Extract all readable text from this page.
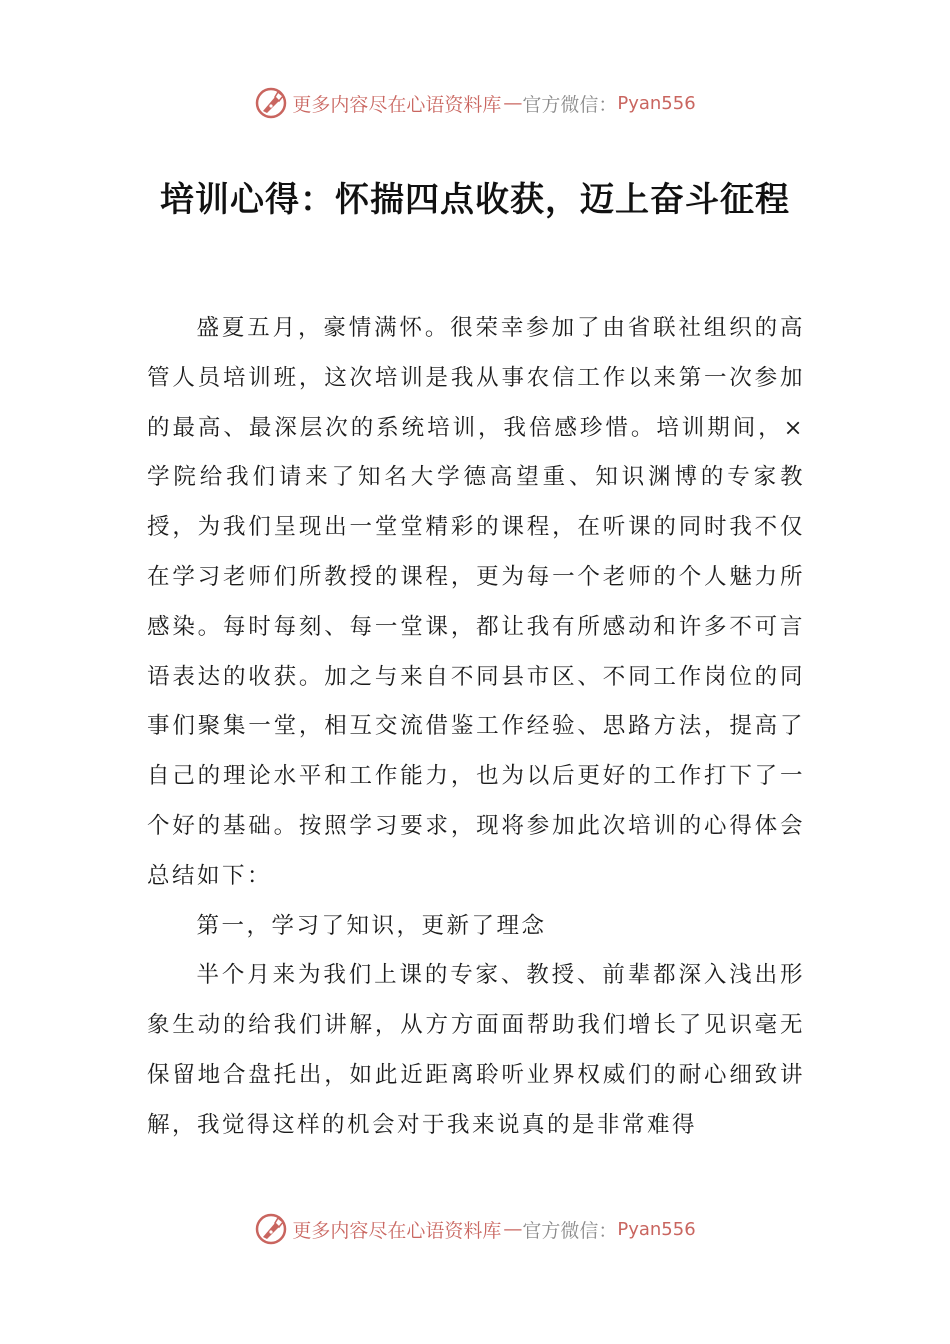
更多内容尽在心语资料库 — 官方微信： Pyan556
培训心得：怀揣四点收获，迈上奋斗征程

盛夏五月，豪情满怀。很荣幸参加了由省联社组织的高管人员培训班，这次培训是我从事农信工作以来第一次参加的最高、最深层次的系统培训，我倍感珍惜。培训期间，×学院给我们请来了知名大学德高望重、知识渊博的专家教授，为我们呈现出一堂堂精彩的课程，在听课的同时我不仅在学习老师们所教授的课程，更为每一个老师的个人魅力所感染。每时每刻、每一堂课，都让我有所感动和许多不可言语表达的收获。加之与来自不同县市区、不同工作岗位的同事们聚集一堂，相互交流借鉴工作经验、思路方法，提高了自己的理论水平和工作能力，也为以后更好的工作打下了一个好的基础。按照学习要求，现将参加此次培训的心得体会总结如下：

第一，学习了知识，更新了理念

半个月来为我们上课的专家、教授、前辈都深入浅出形象生动的给我们讲解，从方方面面帮助我们增长了见识毫无保留地合盘托出，如此近距离聆听业界权威们的耐心细致讲解，我觉得这样的机会对于我来说真的是非常难得

更多内容尽在心语资料库 — 官方微信： Pyan556
